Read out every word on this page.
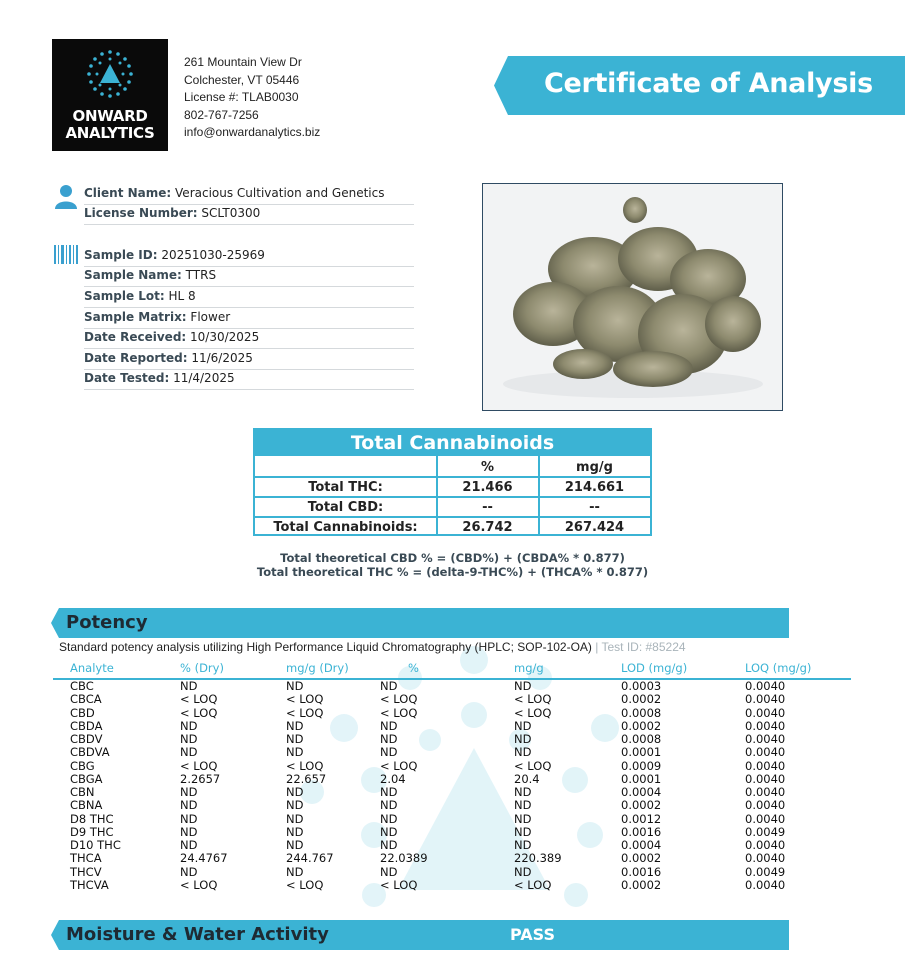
ONWARD
ANALYTICS
261 Mountain View Dr
Colchester, VT 05446
License #: TLAB0030
802-767-7256
info@onwardanalytics.biz
Certificate of Analysis
Client Name: Veracious Cultivation and Genetics
License Number: SCLT0300
Sample ID: 20251030-25969
Sample Name: TTRS
Sample Lot: HL 8
Sample Matrix: Flower
Date Received: 10/30/2025
Date Reported: 11/6/2025
Date Tested: 11/4/2025
Total Cannabinoids
%	mg/g
Total THC:	21.466	214.661
Total CBD:	--	--
Total Cannabinoids:	26.742	267.424
Total theoretical CBD % = (CBD%) + (CBDA% * 0.877)
Total theoretical THC % = (delta-9-THC%) + (THCA% * 0.877)
Potency
Standard potency analysis utilizing High Performance Liquid Chromatography (HPLC; SOP-102-OA) | Test ID: #85224
Analyte	% (Dry)	mg/g (Dry)	%	mg/g	LOD (mg/g)	LOQ (mg/g)
CBC	ND	ND	ND	ND	0.0003	0.0040
CBCA	< LOQ	< LOQ	< LOQ	< LOQ	0.0002	0.0040
CBD	< LOQ	< LOQ	< LOQ	< LOQ	0.0008	0.0040
CBDA	ND	ND	ND	ND	0.0002	0.0040
CBDV	ND	ND	ND	ND	0.0008	0.0040
CBDVA	ND	ND	ND	ND	0.0001	0.0040
CBG	< LOQ	< LOQ	< LOQ	< LOQ	0.0009	0.0040
CBGA	2.2657	22.657	2.04	20.4	0.0001	0.0040
CBN	ND	ND	ND	ND	0.0004	0.0040
CBNA	ND	ND	ND	ND	0.0002	0.0040
D8 THC	ND	ND	ND	ND	0.0012	0.0040
D9 THC	ND	ND	ND	ND	0.0016	0.0049
D10 THC	ND	ND	ND	ND	0.0004	0.0040
THCA	24.4767	244.767	22.0389	220.389	0.0002	0.0040
THCV	ND	ND	ND	ND	0.0016	0.0049
THCVA	< LOQ	< LOQ	< LOQ	< LOQ	0.0002	0.0040
Moisture & Water Activity	PASS
